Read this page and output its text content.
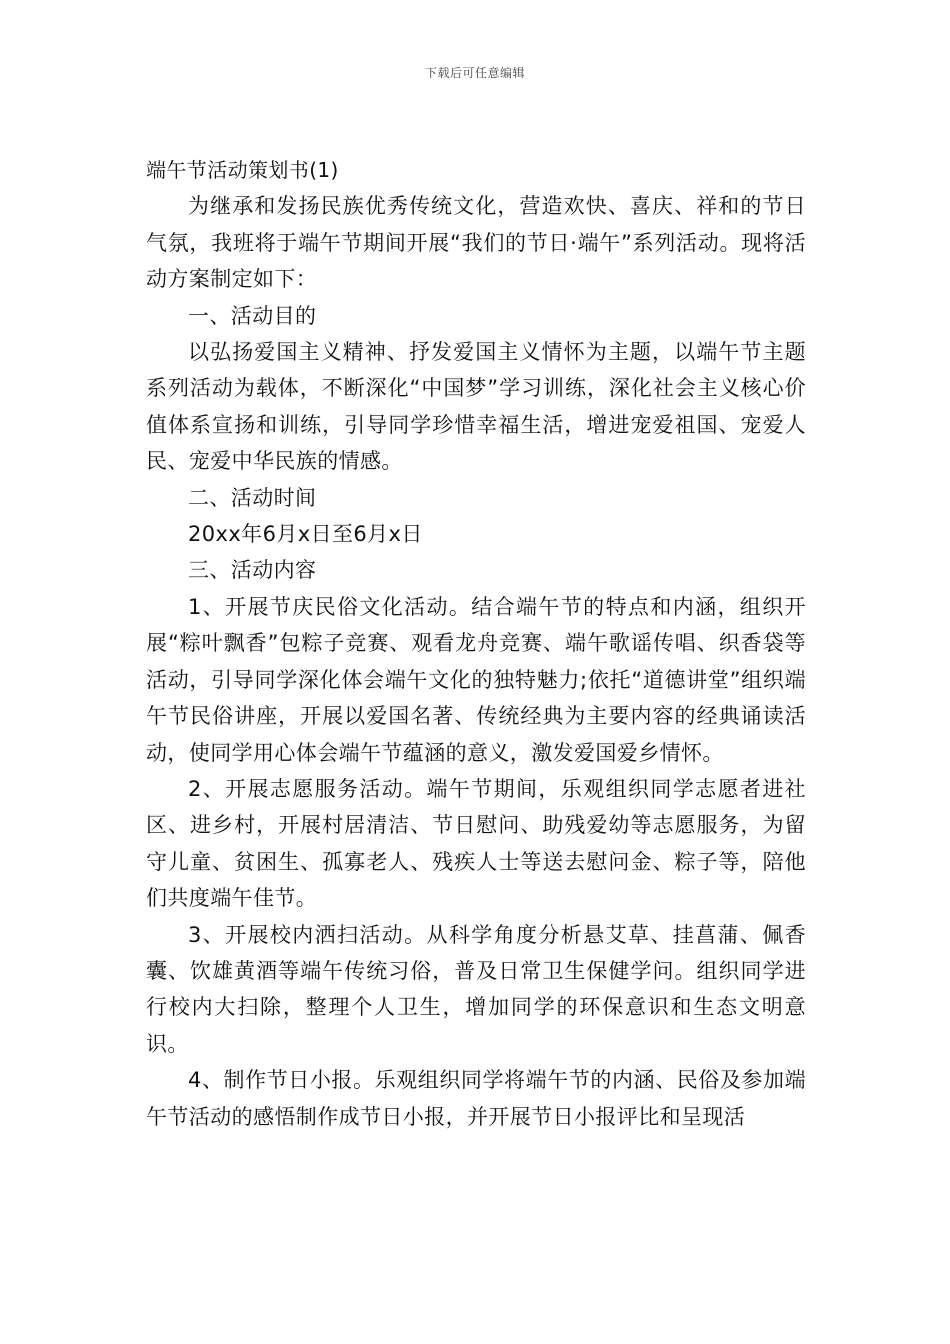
下载后可任意编辑

端午节活动策划书(1)

为继承和发扬民族优秀传统文化，营造欢快、喜庆、祥和的节日气氛，我班将于端午节期间开展“我们的节日·端午”系列活动。现将活动方案制定如下：

一、活动目的

以弘扬爱国主义精神、抒发爱国主义情怀为主题，以端午节主题系列活动为载体，不断深化“中国梦”学习训练，深化社会主义核心价值体系宣扬和训练，引导同学珍惜幸福生活，增进宠爱祖国、宠爱人民、宠爱中华民族的情感。

二、活动时间

20xx年6月x日至6月x日

三、活动内容

1、开展节庆民俗文化活动。结合端午节的特点和内涵，组织开展“粽叶飘香”包粽子竞赛、观看龙舟竞赛、端午歌谣传唱、织香袋等活动，引导同学深化体会端午文化的独特魅力;依托“道德讲堂”组织端午节民俗讲座，开展以爱国名著、传统经典为主要内容的经典诵读活动，使同学用心体会端午节蕴涵的意义，激发爱国爱乡情怀。

2、开展志愿服务活动。端午节期间，乐观组织同学志愿者进社区、进乡村，开展村居清洁、节日慰问、助残爱幼等志愿服务，为留守儿童、贫困生、孤寡老人、残疾人士等送去慰问金、粽子等，陪他们共度端午佳节。

3、开展校内洒扫活动。从科学角度分析悬艾草、挂菖蒲、佩香囊、饮雄黄酒等端午传统习俗，普及日常卫生保健学问。组织同学进行校内大扫除，整理个人卫生，增加同学的环保意识和生态文明意识。

4、制作节日小报。乐观组织同学将端午节的内涵、民俗及参加端午节活动的感悟制作成节日小报，并开展节日小报评比和呈现活
